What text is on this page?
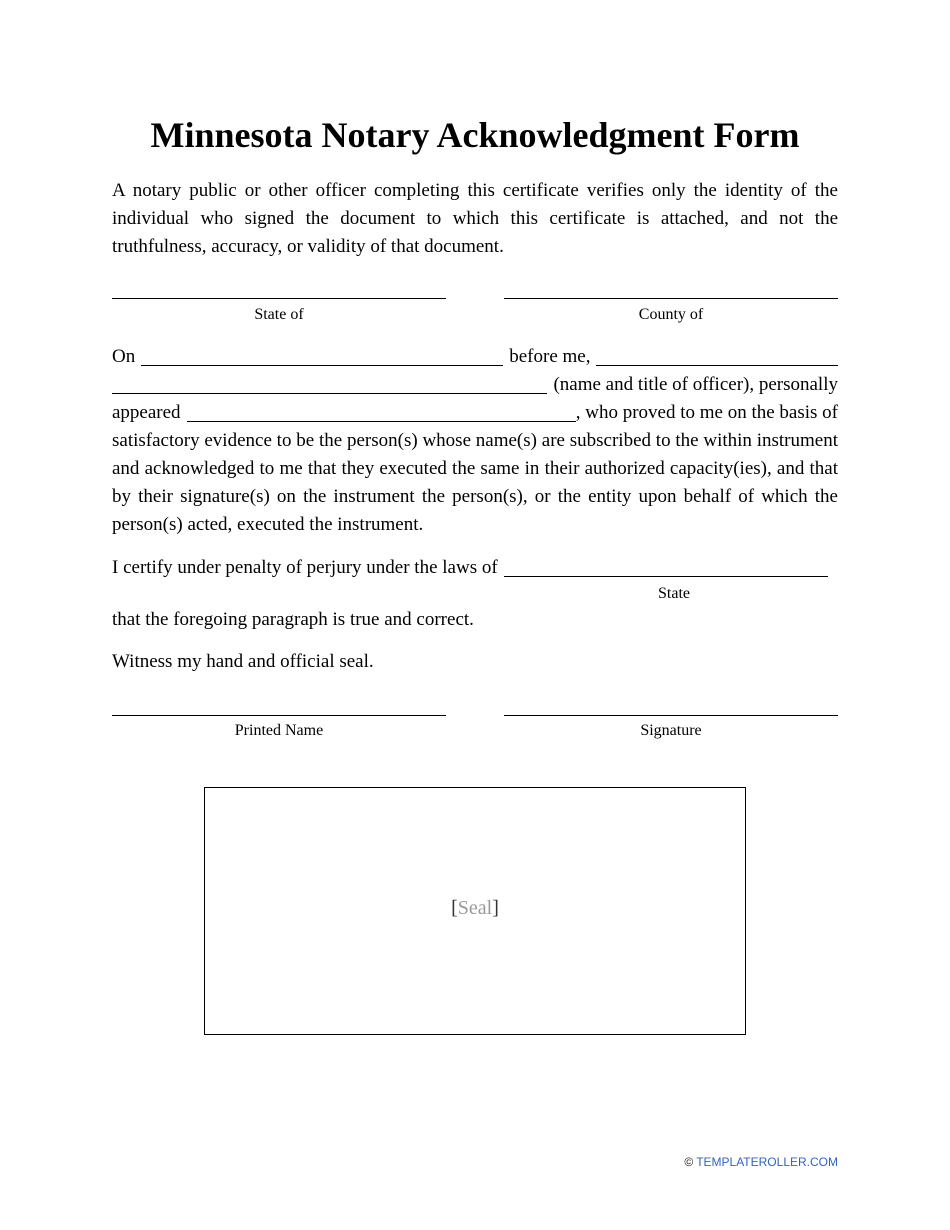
Minnesota Notary Acknowledgment Form
A notary public or other officer completing this certificate verifies only the identity of the individual who signed the document to which this certificate is attached, and not the truthfulness, accuracy, or validity of that document.
State of	County of
On	before me,
(name and title of officer), personally
appeared	, who proved to me on the basis of
satisfactory evidence to be the person(s) whose name(s) are subscribed to the within instrument and acknowledged to me that they executed the same in their authorized capacity(ies), and that by their signature(s) on the instrument the person(s), or the entity upon behalf of which the person(s) acted, executed the instrument.
I certify under penalty of perjury under the laws of
State
that the foregoing paragraph is true and correct.
Witness my hand and official seal.
Printed Name	Signature
[Seal]
© TEMPLATEROLLER.COM
